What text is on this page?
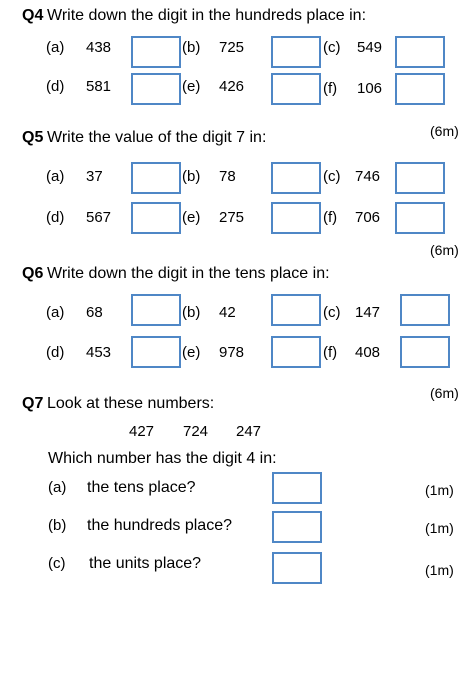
Q4 Write down the digit in the hundreds place in:
(a) 438	(b) 725	(c) 549
(d) 581	(e) 426	(f) 106
(6m)
Q5 Write the value of the digit 7 in:
(a) 37	(b) 78	(c) 746
(d) 567	(e) 275	(f) 706
(6m)
Q6 Write down the digit in the tens place in:
(a) 68	(b) 42	(c) 147
(d) 453	(e) 978	(f) 408
(6m)
Q7 Look at these numbers:
427 724 247
Which number has the digit 4 in:
(a) the tens place?	(1m)
(b) the hundreds place?	(1m)
(c) the units place?	(1m)
